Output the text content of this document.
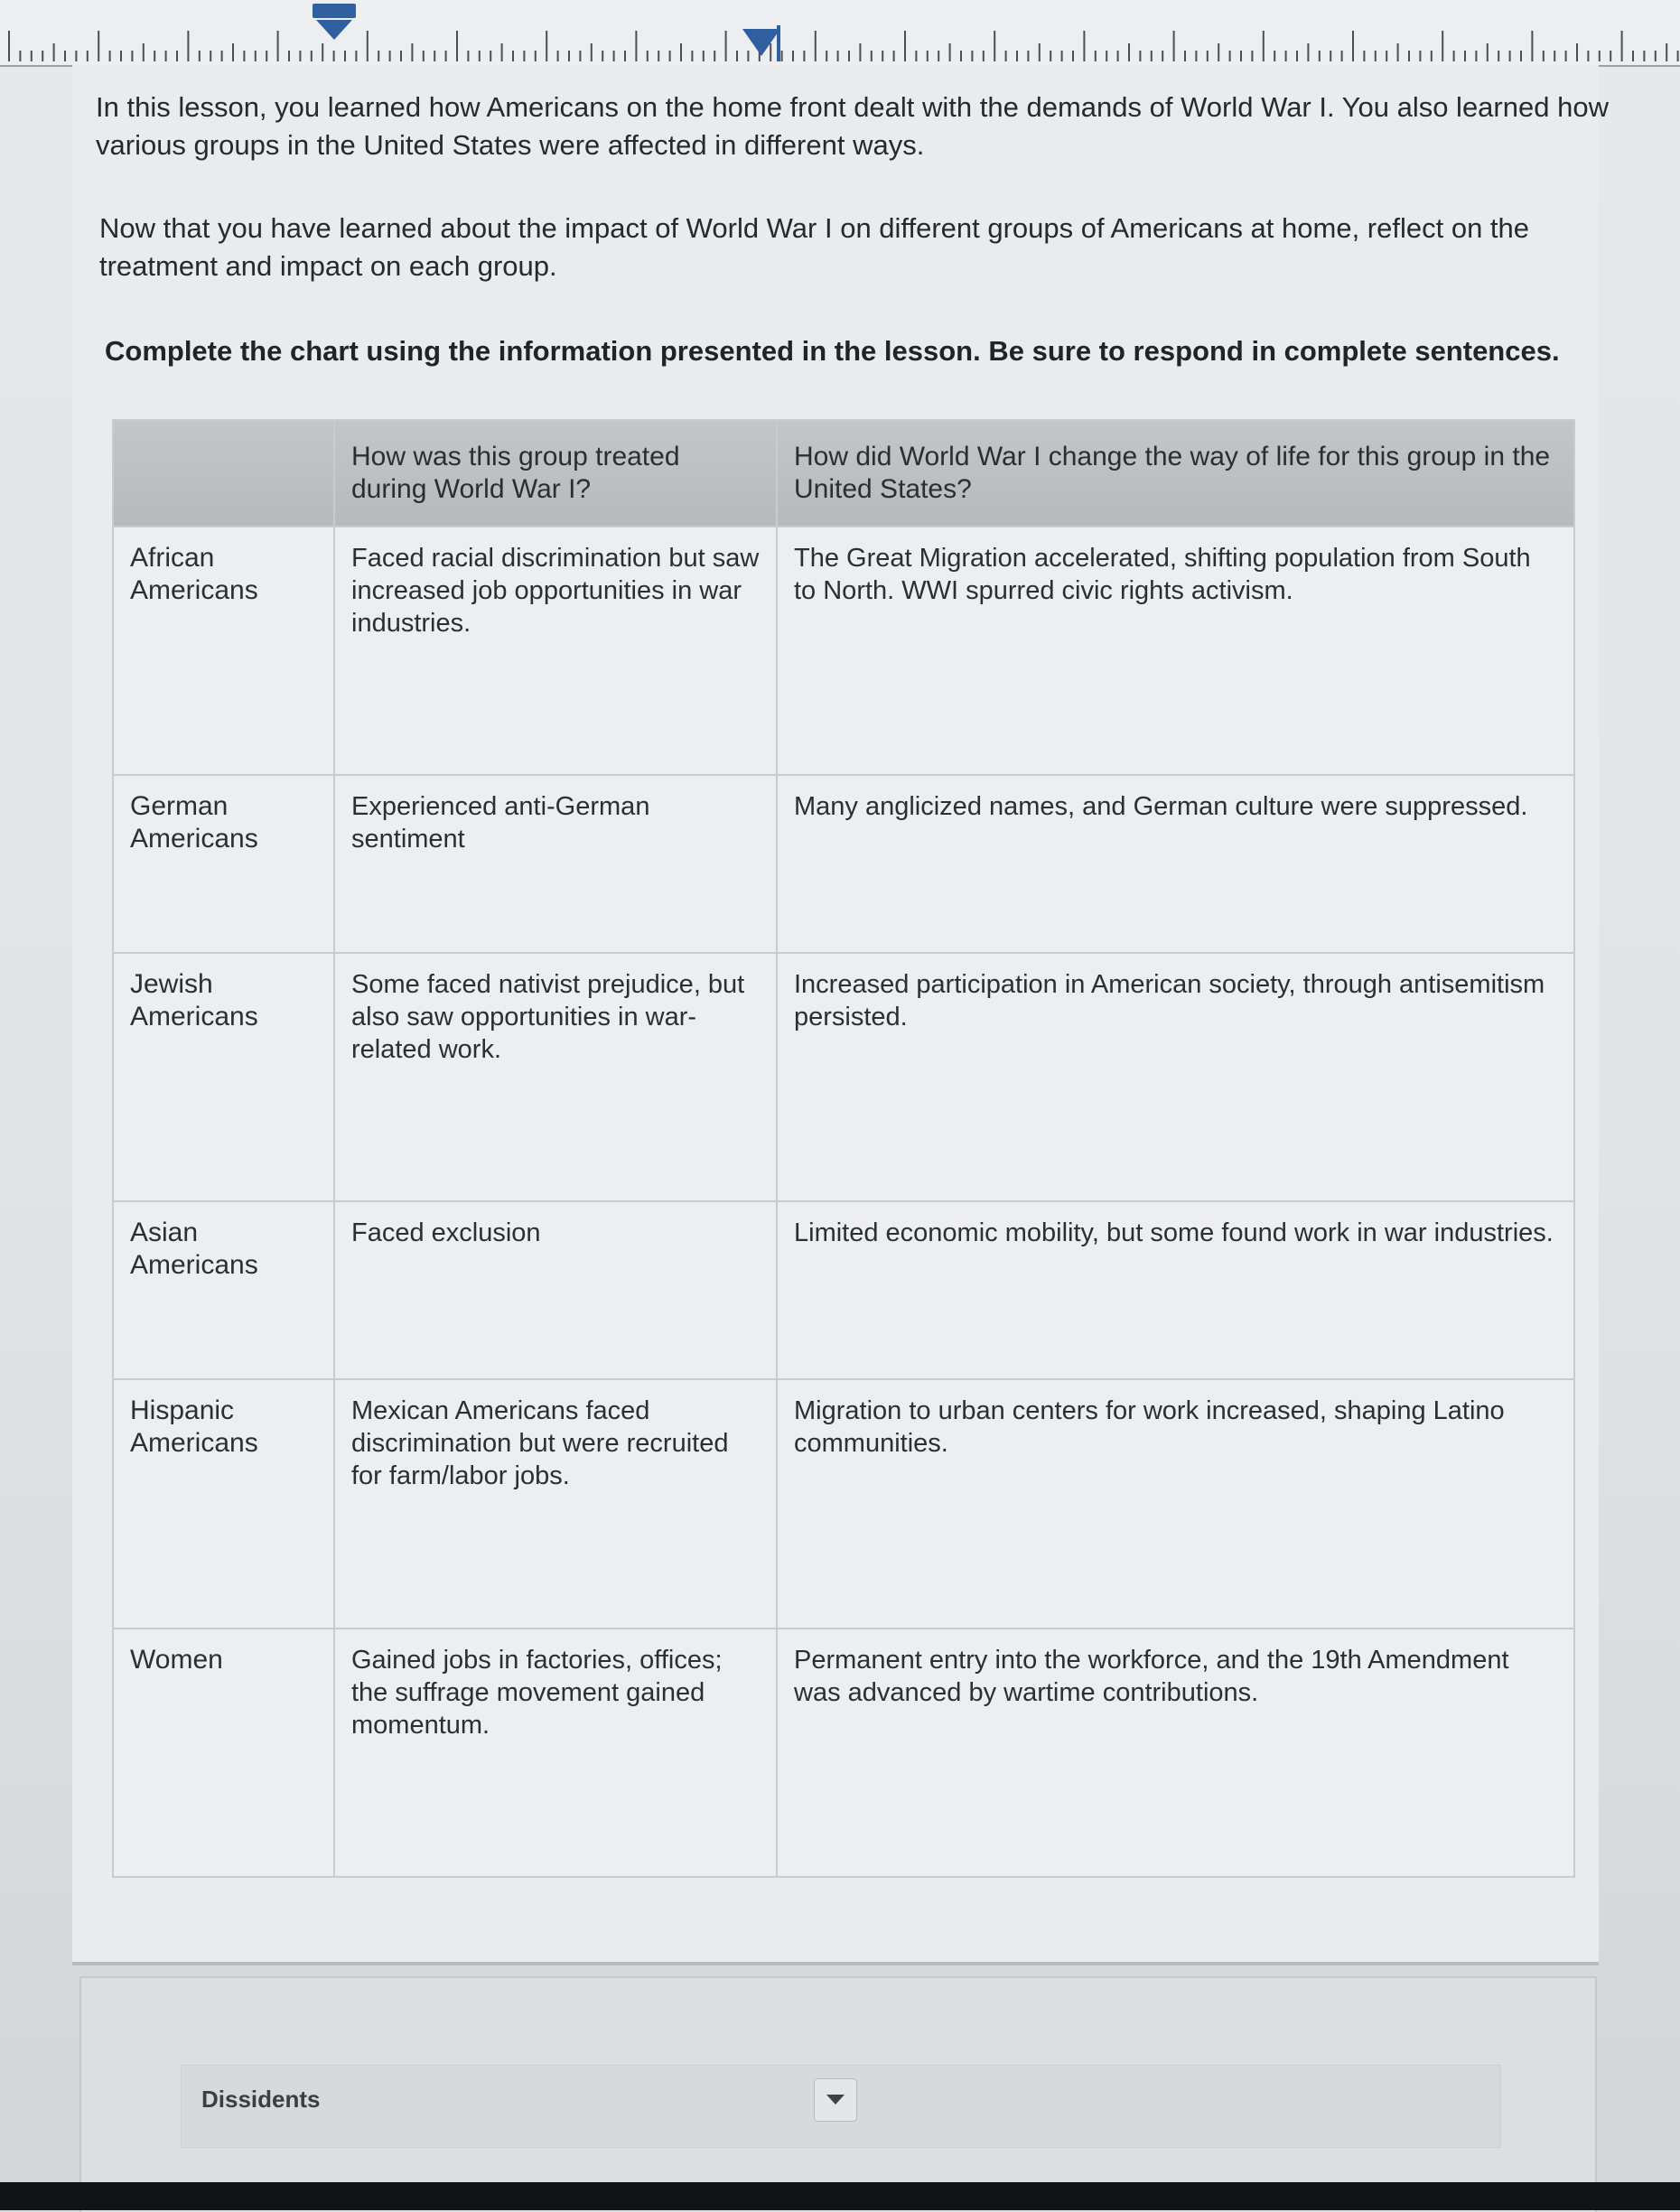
In this lesson, you learned how Americans on the home front dealt with the demands of World War I. You also learned how various groups in the United States were affected in different ways.
Now that you have learned about the impact of World War I on different groups of Americans at home, reflect on the treatment and impact on each group.
Complete the chart using the information presented in the lesson. Be sure to respond in complete sentences.
	How was this group treated during World War I?	How did World War I change the way of life for this group in the United States?
African Americans	Faced racial discrimination but saw increased job opportunities in war industries.	The Great Migration accelerated, shifting population from South to North. WWI spurred civic rights activism.
German Americans	Experienced anti-German sentiment	Many anglicized names, and German culture were suppressed.
Jewish Americans	Some faced nativist prejudice, but also saw opportunities in war-related work.	Increased participation in American society, through antisemitism persisted.
Asian Americans	Faced exclusion	Limited economic mobility, but some found work in war industries.
Hispanic Americans	Mexican Americans faced discrimination but were recruited for farm/labor jobs.	Migration to urban centers for work increased, shaping Latino communities.
Women	Gained jobs in factories, offices; the suffrage movement gained momentum.	Permanent entry into the workforce, and the 19th Amendment was advanced by wartime contributions.
Dissidents
